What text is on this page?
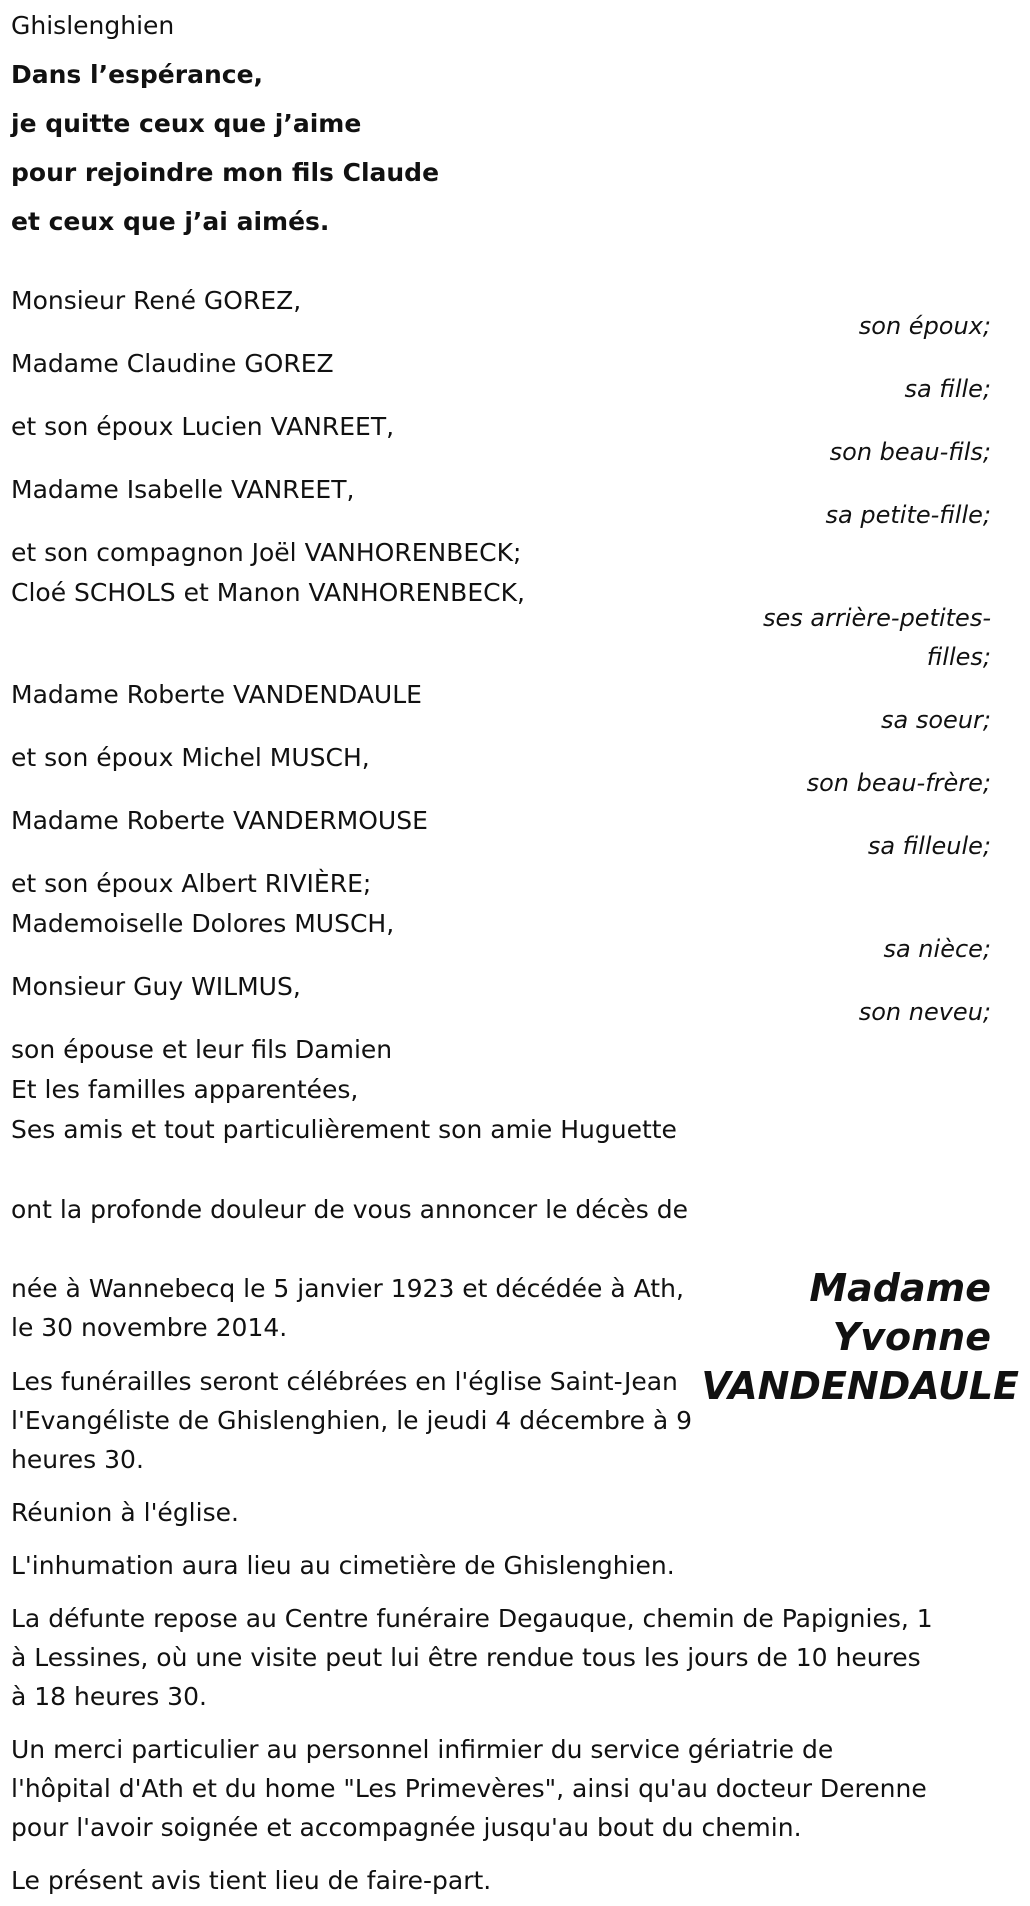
Ghislenghien

Dans l’espérance,

je quitte ceux que j’aime

pour rejoindre mon fils Claude

et ceux que j’ai aimés.

Monsieur René GOREZ,

son époux;

Madame Claudine GOREZ

sa fille;

et son époux Lucien VANREET,

son beau-fils;

Madame Isabelle VANREET,

sa petite-fille;

et son compagnon Joël VANHORENBECK;

Cloé SCHOLS et Manon VANHORENBECK,

ses arrière-petites-

filles;

Madame Roberte VANDENDAULE

sa soeur;

et son époux Michel MUSCH,

son beau-frère;

Madame Roberte VANDERMOUSE

sa filleule;

et son époux Albert RIVIÈRE;

Mademoiselle Dolores MUSCH,

sa nièce;

Monsieur Guy WILMUS,

son neveu;

son épouse et leur fils Damien

Et les familles apparentées,

Ses amis et tout particulièrement son amie Huguette

ont la profonde douleur de vous annoncer le décès de

Madame
Yvonne
VANDENDAULE

née à Wannebecq le 5 janvier 1923 et décédée à Ath,

le 30 novembre 2014.

Les funérailles seront célébrées en l'église Saint-Jean

l'Evangéliste de Ghislenghien, le jeudi 4 décembre à 9

heures 30.

Réunion à l'église.

L'inhumation aura lieu au cimetière de Ghislenghien.

La défunte repose au Centre funéraire Degauque, chemin de Papignies, 1

à Lessines, où une visite peut lui être rendue tous les jours de 10 heures

à 18 heures 30.

Un merci particulier au personnel infirmier du service gériatrie de

l'hôpital d'Ath et du home "Les Primevères", ainsi qu'au docteur Derenne

pour l'avoir soignée et accompagnée jusqu'au bout du chemin.

Le présent avis tient lieu de faire-part.
